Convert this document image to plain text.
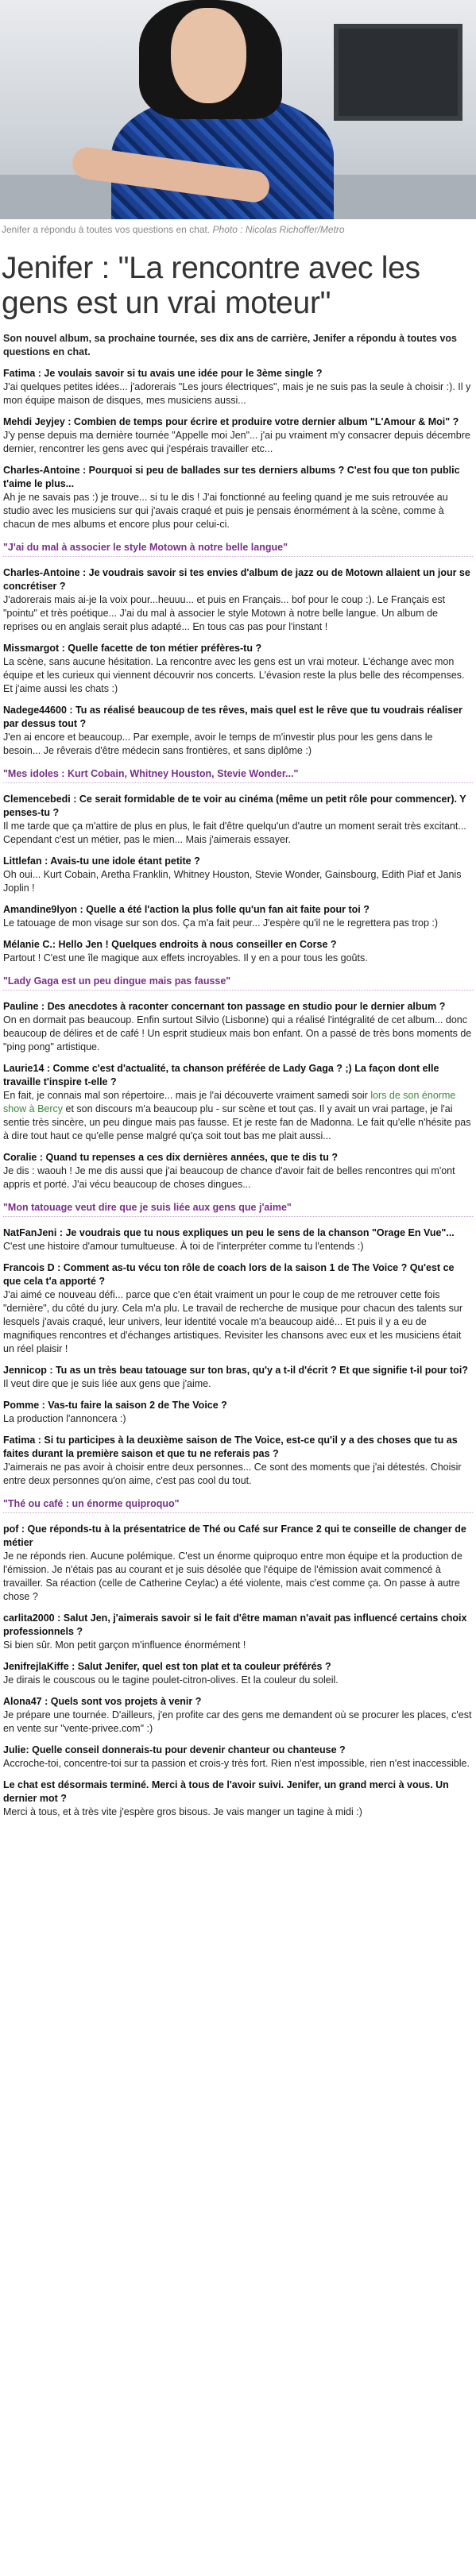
Jenifer a répondu à toutes vos questions en chat. Photo : Nicolas Richoffer/Metro
Jenifer : "La rencontre avec les gens est un vrai moteur"
Son nouvel album, sa prochaine tournée, ses dix ans de carrière, Jenifer a répondu à toutes vos questions en chat.
Fatima : Je voulais savoir si tu avais une idée pour le 3ème single ?
J'ai quelques petites idées... j'adorerais "Les jours électriques", mais je ne suis pas la seule à choisir :). Il y mon équipe maison de disques, mes musiciens aussi...
Mehdi Jeyjey : Combien de temps pour écrire et produire votre dernier album "L'Amour & Moi" ?
J'y pense depuis ma dernière tournée "Appelle moi Jen"... j'ai pu vraiment m'y consacrer depuis décembre dernier, rencontrer les gens avec qui j'espérais travailler etc...
Charles-Antoine : Pourquoi si peu de ballades sur tes derniers albums ? C'est fou que ton public t'aime le plus...
Ah je ne savais pas :) je trouve... si tu le dis ! J'ai fonctionné au feeling quand je me suis retrouvée au studio avec les musiciens sur qui j'avais craqué et puis je pensais énormément à la scène, comme à chacun de mes albums et encore plus pour celui-ci.
"J'ai du mal à associer le style Motown à notre belle langue"
Charles-Antoine : Je voudrais savoir si tes envies d'album de jazz ou de Motown allaient un jour se concrétiser ?
J'adorerais mais ai-je la voix pour...heuuu... et puis en Français... bof pour le coup :). Le Français est "pointu" et très poétique... J'ai du mal à associer le style Motown à notre belle langue. Un album de reprises ou en anglais serait plus adapté... En tous cas pas pour l'instant !
Missmargot : Quelle facette de ton métier préfères-tu ?
La scène, sans aucune hésitation. La rencontre avec les gens est un vrai moteur. L'échange avec mon équipe et les curieux qui viennent découvrir nos concerts. L'évasion reste la plus belle des récompenses. Et j'aime aussi les chats :)
Nadege44600 : Tu as réalisé beaucoup de tes rêves, mais quel est le rêve que tu voudrais réaliser par dessus tout ?
J'en ai encore et beaucoup... Par exemple, avoir le temps de m'investir plus pour les gens dans le besoin... Je rêverais d'être médecin sans frontières, et sans diplôme :)
"Mes idoles : Kurt Cobain, Whitney Houston, Stevie Wonder..."
Clemencebedi : Ce serait formidable de te voir au cinéma (même un petit rôle pour commencer). Y penses-tu ?
Il me tarde que ça m'attire de plus en plus, le fait d'être quelqu'un d'autre un moment serait très excitant... Cependant c'est un métier, pas le mien... Mais j'aimerais essayer.
Littlefan : Avais-tu une idole étant petite ?
Oh oui... Kurt Cobain, Aretha Franklin, Whitney Houston, Stevie Wonder, Gainsbourg, Edith Piaf et Janis Joplin !
Amandine9lyon : Quelle a été l'action la plus folle qu'un fan ait faite pour toi ?
Le tatouage de mon visage sur son dos. Ça m'a fait peur... J'espère qu'il ne le regrettera pas trop :)
Mélanie C.: Hello Jen ! Quelques endroits à nous conseiller en Corse ?
Partout ! C'est une île magique aux effets incroyables. Il y en a pour tous les goûts.
"Lady Gaga est un peu dingue mais pas fausse"
Pauline : Des anecdotes à raconter concernant ton passage en studio pour le dernier album ?
On en dormait pas beaucoup. Enfin surtout Silvio (Lisbonne) qui a réalisé l'intégralité de cet album... donc beaucoup de délires et de café ! Un esprit studieux mais bon enfant. On a passé de très bons moments de "ping pong" artistique.
Laurie14 : Comme c'est d'actualité, ta chanson préférée de Lady Gaga ? ;) La façon dont elle travaille t'inspire t-elle ?
En fait, je connais mal son répertoire... mais je l'ai découverte vraiment samedi soir lors de son énorme show à Bercy et son discours m'a beaucoup plu - sur scène et tout ças. Il y avait un vrai partage, je l'ai sentie très sincère, un peu dingue mais pas fausse. Et je reste fan de Madonna. Le fait qu'elle n'hésite pas à dire tout haut ce qu'elle pense malgré qu'ça soit tout bas me plait aussi...
Coralie : Quand tu repenses a ces dix dernières années, que te dis tu ?
Je dis : waouh ! Je me dis aussi que j'ai beaucoup de chance d'avoir fait de belles rencontres qui m'ont appris et porté. J'ai vécu beaucoup de choses dingues...
"Mon tatouage veut dire que je suis liée aux gens que j'aime"
NatFanJeni : Je voudrais que tu nous expliques un peu le sens de la chanson "Orage En Vue"...
C'est une histoire d'amour tumultueuse. À toi de l'interpréter comme tu l'entends :)
Francois D : Comment as-tu vécu ton rôle de coach lors de la saison 1 de The Voice ? Qu'est ce que cela t'a apporté ?
J'ai aimé ce nouveau défi... parce que c'en était vraiment un pour le coup de me retrouver cette fois "dernière", du côté du jury. Cela m'a plu. Le travail de recherche de musique pour chacun des talents sur lesquels j'avais craqué, leur univers, leur identité vocale m'a beaucoup aidé... Et puis il y a eu de magnifiques rencontres et d'échanges artistiques. Revisiter les chansons avec eux et les musiciens était un réel plaisir !
Jennicop : Tu as un très beau tatouage sur ton bras, qu'y a t-il d'écrit ? Et que signifie t-il pour toi?
Il veut dire que je suis liée aux gens que j'aime.
Pomme : Vas-tu faire la saison 2 de The Voice ?
La production l'annoncera :)
Fatima : Si tu participes à la deuxième saison de The Voice, est-ce qu'il y a des choses que tu as faites durant la première saison et que tu ne referais pas ?
J'aimerais ne pas avoir à choisir entre deux personnes... Ce sont des moments que j'ai détestés. Choisir entre deux personnes qu'on aime, c'est pas cool du tout.
"Thé ou café : un énorme quiproquo"
pof : Que réponds-tu à la présentatrice de Thé ou Café sur France 2 qui te conseille de changer de métier
Je ne réponds rien. Aucune polémique. C'est un énorme quiproquo entre mon équipe et la production de l'émission. Je n'étais pas au courant et je suis désolée que l'équipe de l'émission avait commencé à travailler. Sa réaction (celle de Catherine Ceylac) a été violente, mais c'est comme ça. On passe à autre chose ?
carlita2000 : Salut Jen, j'aimerais savoir si le fait d'être maman n'avait pas influencé certains choix professionnels ?
Si bien sûr. Mon petit garçon m'influence énormément !
JenifrejlaKiffe : Salut Jenifer, quel est ton plat et ta couleur préférés ?
Je dirais le couscous ou le tagine poulet-citron-olives. Et la couleur du soleil.
Alona47 : Quels sont vos projets à venir ?
Je prépare une tournée. D'ailleurs, j'en profite car des gens me demandent où se procurer les places, c'est en vente sur "vente-privee.com" :)
Julie: Quelle conseil donnerais-tu pour devenir chanteur ou chanteuse ?
Accroche-toi, concentre-toi sur ta passion et crois-y très fort. Rien n'est impossible, rien n'est inaccessible.
Le chat est désormais terminé. Merci à tous de l'avoir suivi. Jenifer, un grand merci à vous. Un dernier mot ?
Merci à tous, et à très vite j'espère gros bisous. Je vais manger un tagine à midi :)
